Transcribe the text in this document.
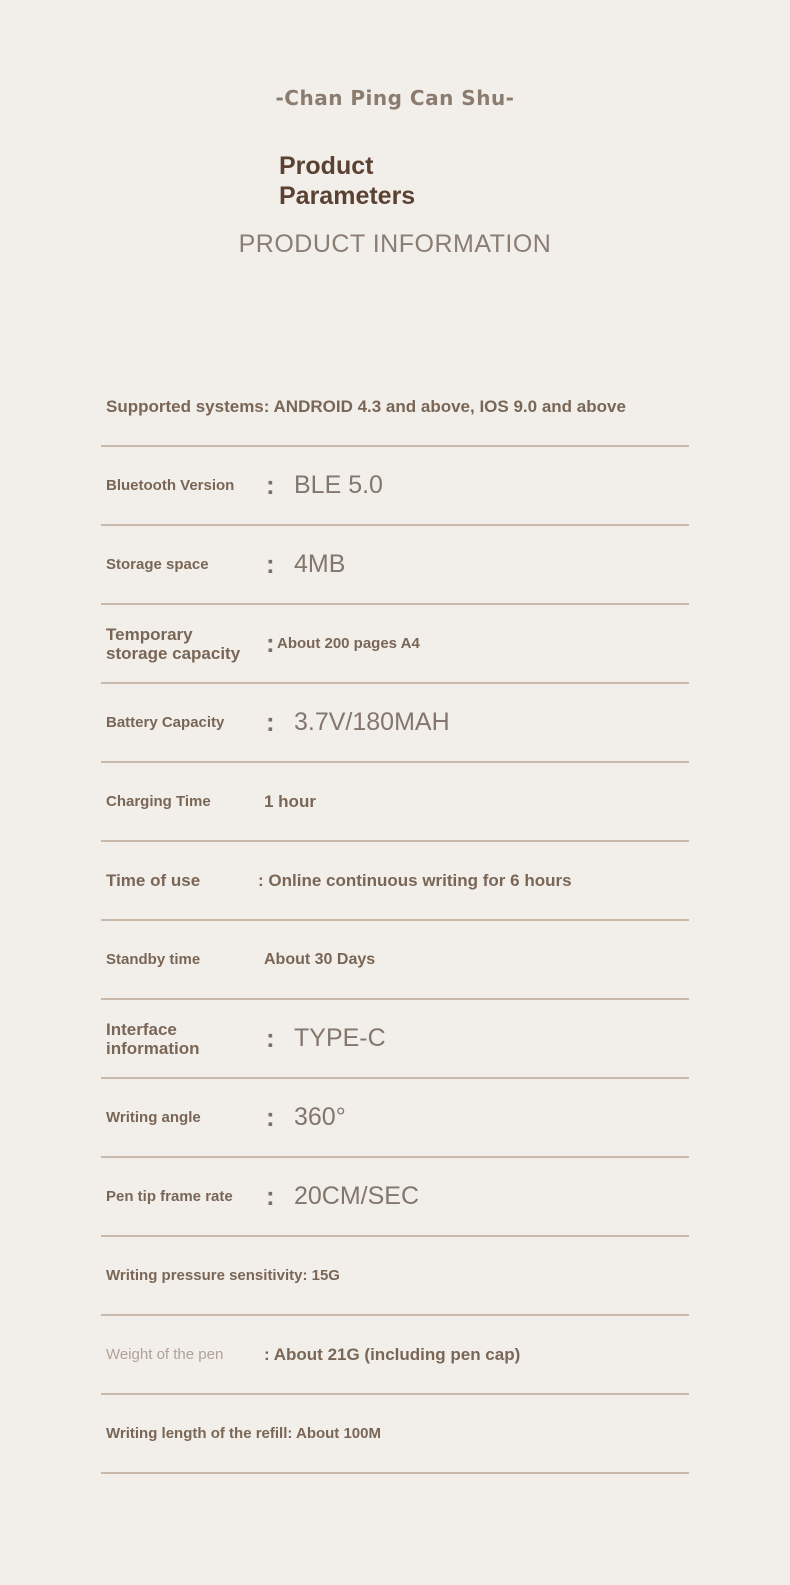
-Chan Ping Can Shu-
Product
Parameters
PRODUCT INFORMATION
Supported systems: ANDROID 4.3 and above, IOS 9.0 and above
Bluetooth Version	: BLE 5.0
Storage space	: 4MB
Temporary
storage capacity : About 200 pages A4
Battery Capacity	: 3.7V/180MAH
Charging Time	1 hour
Time of use	: Online continuous writing for 6 hours
Standby time	About 30 Days
Interface
information	: TYPE-C
Writing angle	: 360°
Pen tip frame rate	: 20CM/SEC
Writing pressure sensitivity: 15G
Weight of the pen	: About 21G (including pen cap)
Writing length of the refill: About 100M
